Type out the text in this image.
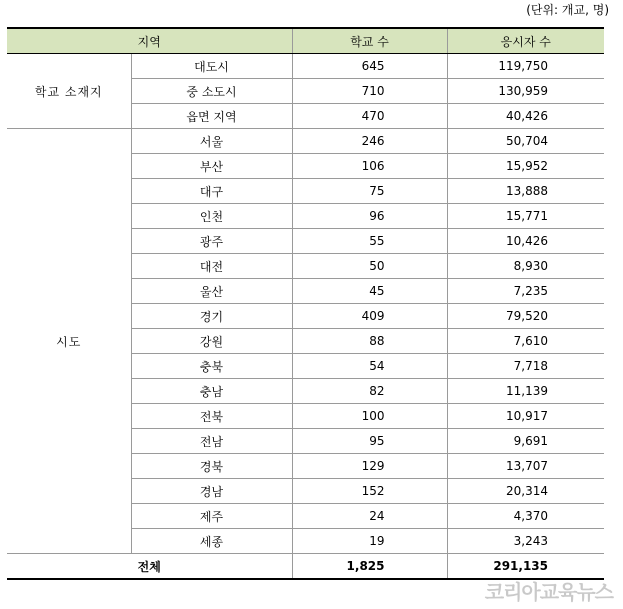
(단위: 개교, 명)
지역		학교 수	응시자 수
학교 소재지	대도시	645	119,750
	중 소도시	710	130,959
	읍면 지역	470	40,426
시도	서울	246	50,704
	부산	106	15,952
	대구	75	13,888
	인천	96	15,771
	광주	55	10,426
	대전	50	8,930
	울산	45	7,235
	경기	409	79,520
	강원	88	7,610
	충북	54	7,718
	충남	82	11,139
	전북	100	10,917
	전남	95	9,691
	경북	129	13,707
	경남	152	20,314
	제주	24	4,370
	세종	19	3,243
전체		1,825	291,135
코리아교육뉴스
